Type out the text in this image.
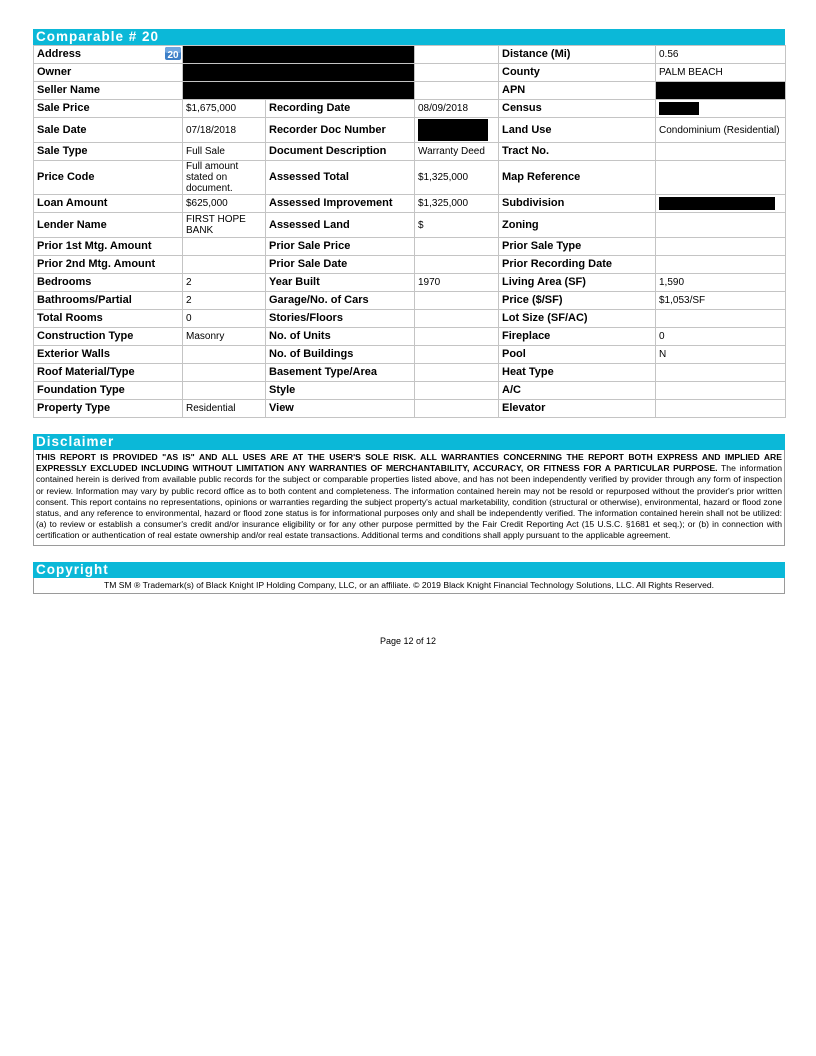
Comparable # 20
Address 20				Distance (Mi)	0.56
Owner				County	PALM BEACH
Seller Name				APN	
Sale Price	$1,675,000	Recording Date	08/09/2018	Census	
Sale Date	07/18/2018	Recorder Doc Number		Land Use	Condominium (Residential)
Sale Type	Full Sale	Document Description	Warranty Deed	Tract No.	
Price Code	Full amount stated on document.	Assessed Total	$1,325,000	Map Reference	
Loan Amount	$625,000	Assessed Improvement	$1,325,000	Subdivision	
Lender Name	FIRST HOPE BANK	Assessed Land	$	Zoning	
Prior 1st Mtg. Amount		Prior Sale Price		Prior Sale Type	
Prior 2nd Mtg. Amount		Prior Sale Date		Prior Recording Date	
Bedrooms	2	Year Built	1970	Living Area (SF)	1,590
Bathrooms/Partial	2	Garage/No. of Cars		Price ($/SF)	$1,053/SF
Total Rooms	0	Stories/Floors		Lot Size (SF/AC)	
Construction Type	Masonry	No. of Units		Fireplace	0
Exterior Walls		No. of Buildings		Pool	N
Roof Material/Type		Basement Type/Area		Heat Type	
Foundation Type		Style		A/C	
Property Type	Residential	View		Elevator	
Disclaimer
THIS REPORT IS PROVIDED "AS IS" AND ALL USES ARE AT THE USER'S SOLE RISK. ALL WARRANTIES CONCERNING THE REPORT BOTH EXPRESS AND IMPLIED ARE EXPRESSLY EXCLUDED INCLUDING WITHOUT LIMITATION ANY WARRANTIES OF MERCHANTABILITY, ACCURACY, OR FITNESS FOR A PARTICULAR PURPOSE. The information contained herein is derived from available public records for the subject or comparable properties listed above, and has not been independently verified by provider through any form of inspection or review. Information may vary by public record office as to both content and completeness. The information contained herein may not be resold or repurposed without the provider's prior written consent. This report contains no representations, opinions or warranties regarding the subject property's actual marketability, condition (structural or otherwise), environmental, hazard or flood zone status, and any reference to environmental, hazard or flood zone status is for informational purposes only and shall be independently verified. The information contained herein shall not be utilized: (a) to review or establish a consumer's credit and/or insurance eligibility or for any other purpose permitted by the Fair Credit Reporting Act (15 U.S.C. §1681 et seq.); or (b) in connection with certification or authentication of real estate ownership and/or real estate transactions. Additional terms and conditions shall apply pursuant to the applicable agreement.
Copyright
TM SM ® Trademark(s) of Black Knight IP Holding Company, LLC, or an affiliate. © 2019 Black Knight Financial Technology Solutions, LLC. All Rights Reserved.
Page 12 of 12
